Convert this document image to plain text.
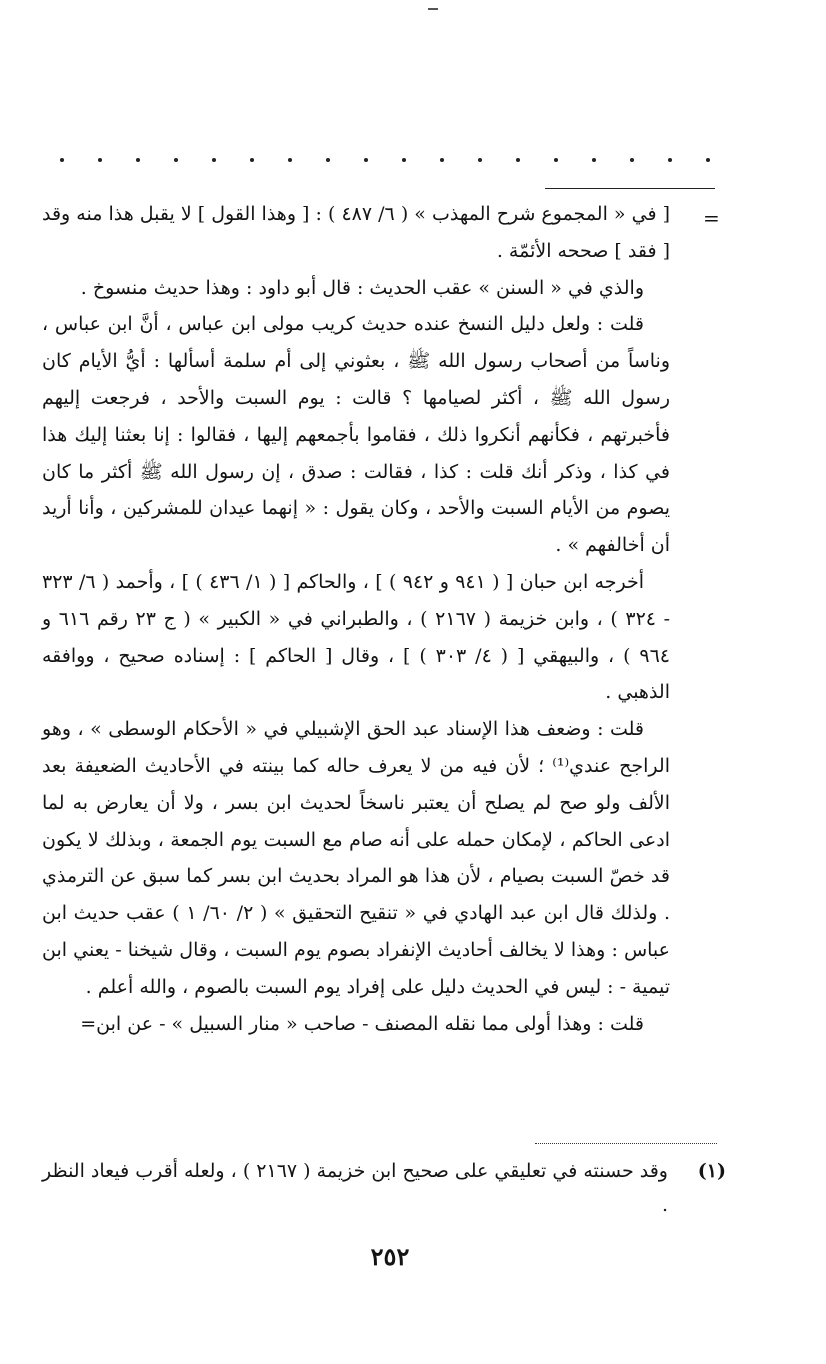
=

[ في « المجموع شرح المهذب » ( ٦/ ٤٨٧ ) : [ وهذا القول ] لا يقبل هذا منه وقد [ فقد ] صححه الأئمّة .

والذي في « السنن » عقب الحديث : قال أبو داود : وهذا حديث منسوخ .

قلت : ولعل دليل النسخ عنده حديث كريب مولى ابن عباس ، أنَّ ابن عباس ، وناساً من أصحاب رسول الله ﷺ ، بعثوني إلى أم سلمة أسألها : أيُّ الأيام كان رسول الله ﷺ ، أكثر لصيامها ؟ قالت : يوم السبت والأحد ، فرجعت إليهم فأخبرتهم ، فكأنهم أنكروا ذلك ، فقاموا بأجمعهم إليها ، فقالوا : إنا بعثنا إليك هذا في كذا ، وذكر أنك قلت : كذا ، فقالت : صدق ، إن رسول الله ﷺ أكثر ما كان يصوم من الأيام السبت والأحد ، وكان يقول : « إنهما عيدان للمشركين ، وأنا أريد أن أخالفهم » .

أخرجه ابن حبان [ ( ٩٤١ و ٩٤٢ ) ] ، والحاكم [ ( ١/ ٤٣٦ ) ] ، وأحمد ( ٦/ ٣٢٣ - ٣٢٤ ) ، وابن خزيمة ( ٢١٦٧ ) ، والطبراني في « الكبير » ( ج ٢٣ رقم ٦١٦ و ٩٦٤ ) ، والبيهقي [ ( ٤/ ٣٠٣ ) ] ، وقال [ الحاكم ] : إسناده صحيح ، ووافقه الذهبي .

قلت : وضعف هذا الإسناد عبد الحق الإشبيلي في « الأحكام الوسطى » ، وهو الراجح عندي⁽¹⁾ ؛ لأن فيه من لا يعرف حاله كما بينته في الأحاديث الضعيفة بعد الألف ولو صح لم يصلح أن يعتبر ناسخاً لحديث ابن بسر ، ولا أن يعارض به لما ادعى الحاكم ، لإمكان حمله على أنه صام مع السبت يوم الجمعة ، وبذلك لا يكون قد خصّ السبت بصيام ، لأن هذا هو المراد بحديث ابن بسر كما سبق عن الترمذي . ولذلك قال ابن عبد الهادي في « تنقيح التحقيق » ( ٢/ ٦٠/ ١ ) عقب حديث ابن عباس : وهذا لا يخالف أحاديث الإنفراد بصوم يوم السبت ، وقال شيخنا - يعني ابن تيمية - : ليس في الحديث دليل على إفراد يوم السبت بالصوم ، والله أعلم .

قلت : وهذا أولى مما نقله المصنف - صاحب « منار السبيل » - عن ابن=

(١)
وقد حسنته في تعليقي على صحيح ابن خزيمة ( ٢١٦٧ ) ، ولعله أقرب فيعاد النظر .
٢٥٢
